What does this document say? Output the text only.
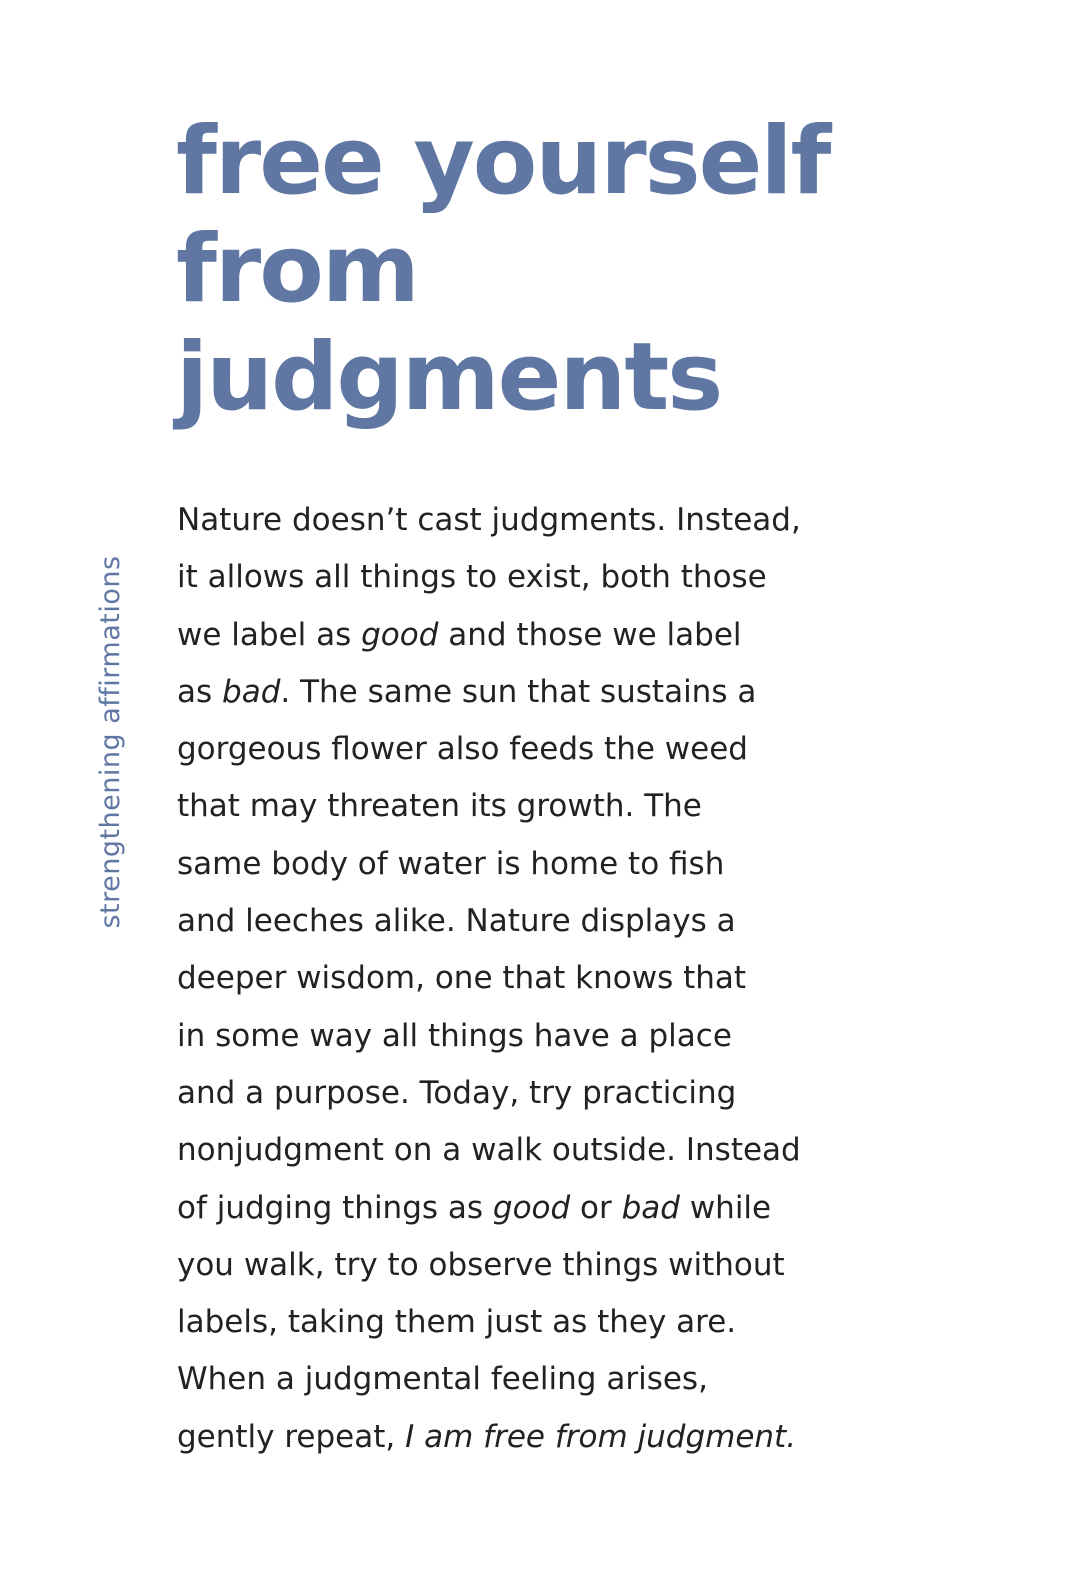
free yourself
from
judgments
strengthening affirmations

Nature doesn’t cast judgments. Instead,
it allows all things to exist, both those
we label as good and those we label
as bad. The same sun that sustains a
gorgeous flower also feeds the weed
that may threaten its growth. The
same body of water is home to fish
and leeches alike. Nature displays a
deeper wisdom, one that knows that
in some way all things have a place
and a purpose. Today, try practicing
nonjudgment on a walk outside. Instead
of judging things as good or bad while
you walk, try to observe things without
labels, taking them just as they are.
When a judgmental feeling arises,
gently repeat, I am free from judgment.
